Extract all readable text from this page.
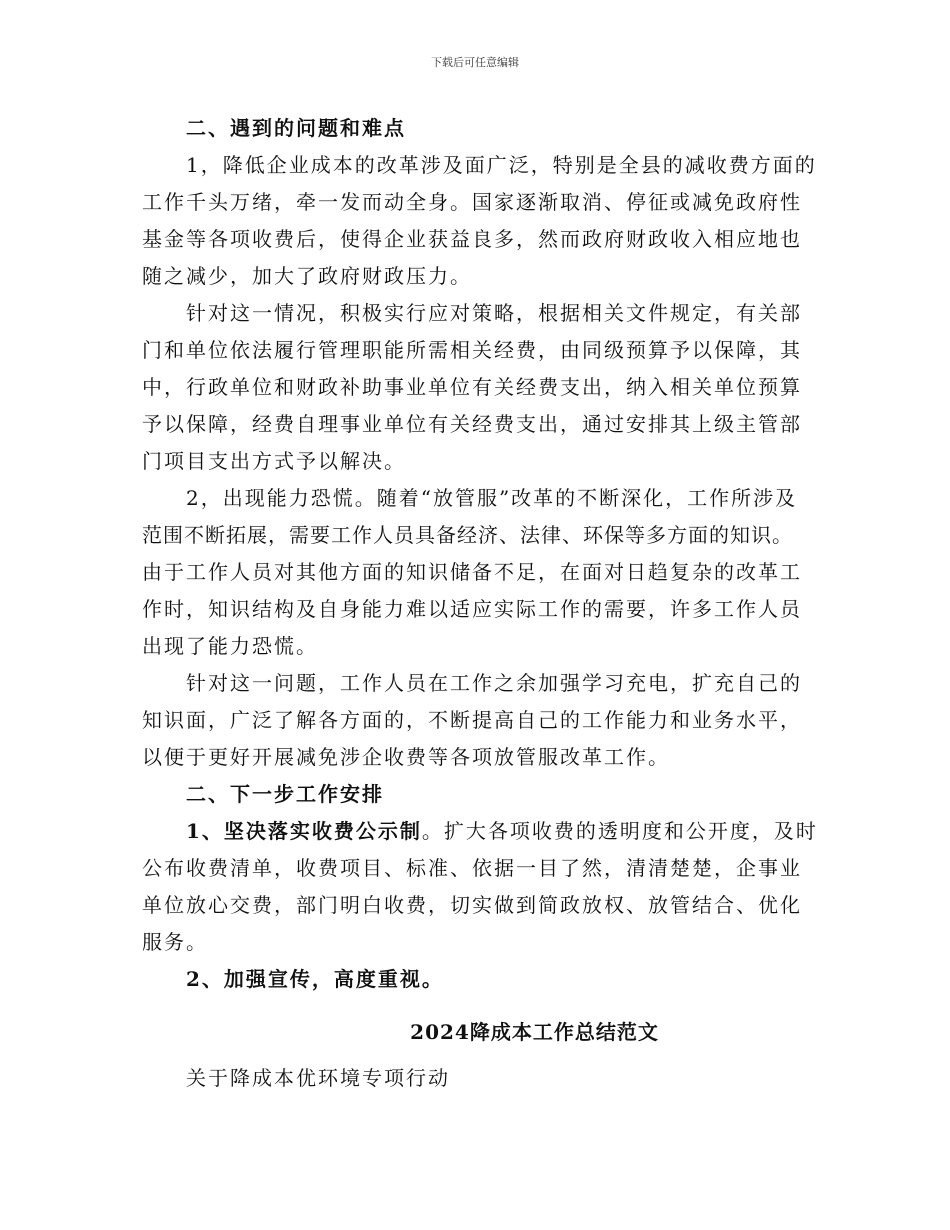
下载后可任意编辑
二、遇到的问题和难点
1，降低企业成本的改革涉及面广泛，特别是全县的减收费方面的
工作千头万绪，牵一发而动全身。国家逐渐取消、停征或减免政府性
基金等各项收费后，使得企业获益良多，然而政府财政收入相应地也
随之减少，加大了政府财政压力。
针对这一情况，积极实行应对策略，根据相关文件规定，有关部
门和单位依法履行管理职能所需相关经费，由同级预算予以保障，其
中，行政单位和财政补助事业单位有关经费支出，纳入相关单位预算
予以保障，经费自理事业单位有关经费支出，通过安排其上级主管部
门项目支出方式予以解决。
2，出现能力恐慌。随着“放管服”改革的不断深化，工作所涉及
范围不断拓展，需要工作人员具备经济、法律、环保等多方面的知识。
由于工作人员对其他方面的知识储备不足，在面对日趋复杂的改革工
作时，知识结构及自身能力难以适应实际工作的需要，许多工作人员
出现了能力恐慌。
针对这一问题，工作人员在工作之余加强学习充电，扩充自己的
知识面，广泛了解各方面的，不断提高自己的工作能力和业务水平，
以便于更好开展减免涉企收费等各项放管服改革工作。
二、下一步工作安排
1、坚决落实收费公示制。扩大各项收费的透明度和公开度，及时
公布收费清单，收费项目、标准、依据一目了然，清清楚楚，企事业
单位放心交费，部门明白收费，切实做到简政放权、放管结合、优化
服务。
2、加强宣传，高度重视。
2024降成本工作总结范文
关于降成本优环境专项行动
